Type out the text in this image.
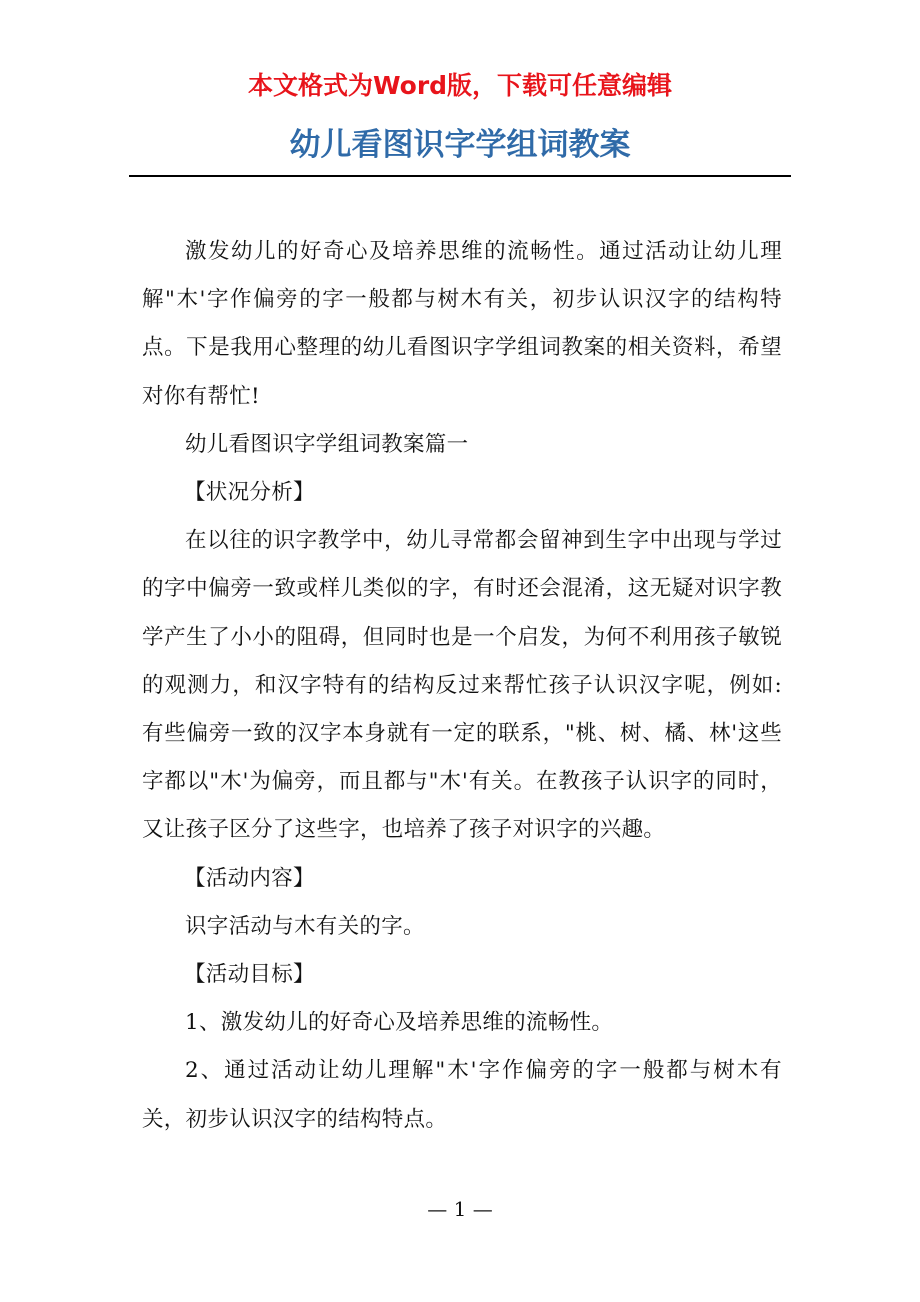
本文格式为Word版，下载可任意编辑
幼儿看图识字学组词教案

激发幼儿的好奇心及培养思维的流畅性。通过活动让幼儿理解"木'字作偏旁的字一般都与树木有关，初步认识汉字的结构特点。下是我用心整理的幼儿看图识字学组词教案的相关资料，希望对你有帮忙!

幼儿看图识字学组词教案篇一

【状况分析】

在以往的识字教学中，幼儿寻常都会留神到生字中出现与学过的字中偏旁一致或样儿类似的字，有时还会混淆，这无疑对识字教学产生了小小的阻碍，但同时也是一个启发，为何不利用孩子敏锐的观测力，和汉字特有的结构反过来帮忙孩子认识汉字呢，例如: 有些偏旁一致的汉字本身就有一定的联系，"桃、树、橘、林'这些字都以"木'为偏旁，而且都与"木'有关。在教孩子认识字的同时，又让孩子区分了这些字，也培养了孩子对识字的兴趣。

【活动内容】

识字活动与木有关的字。

【活动目标】

1、激发幼儿的好奇心及培养思维的流畅性。

2、通过活动让幼儿理解"木'字作偏旁的字一般都与树木有关，初步认识汉字的结构特点。

— 1 —
